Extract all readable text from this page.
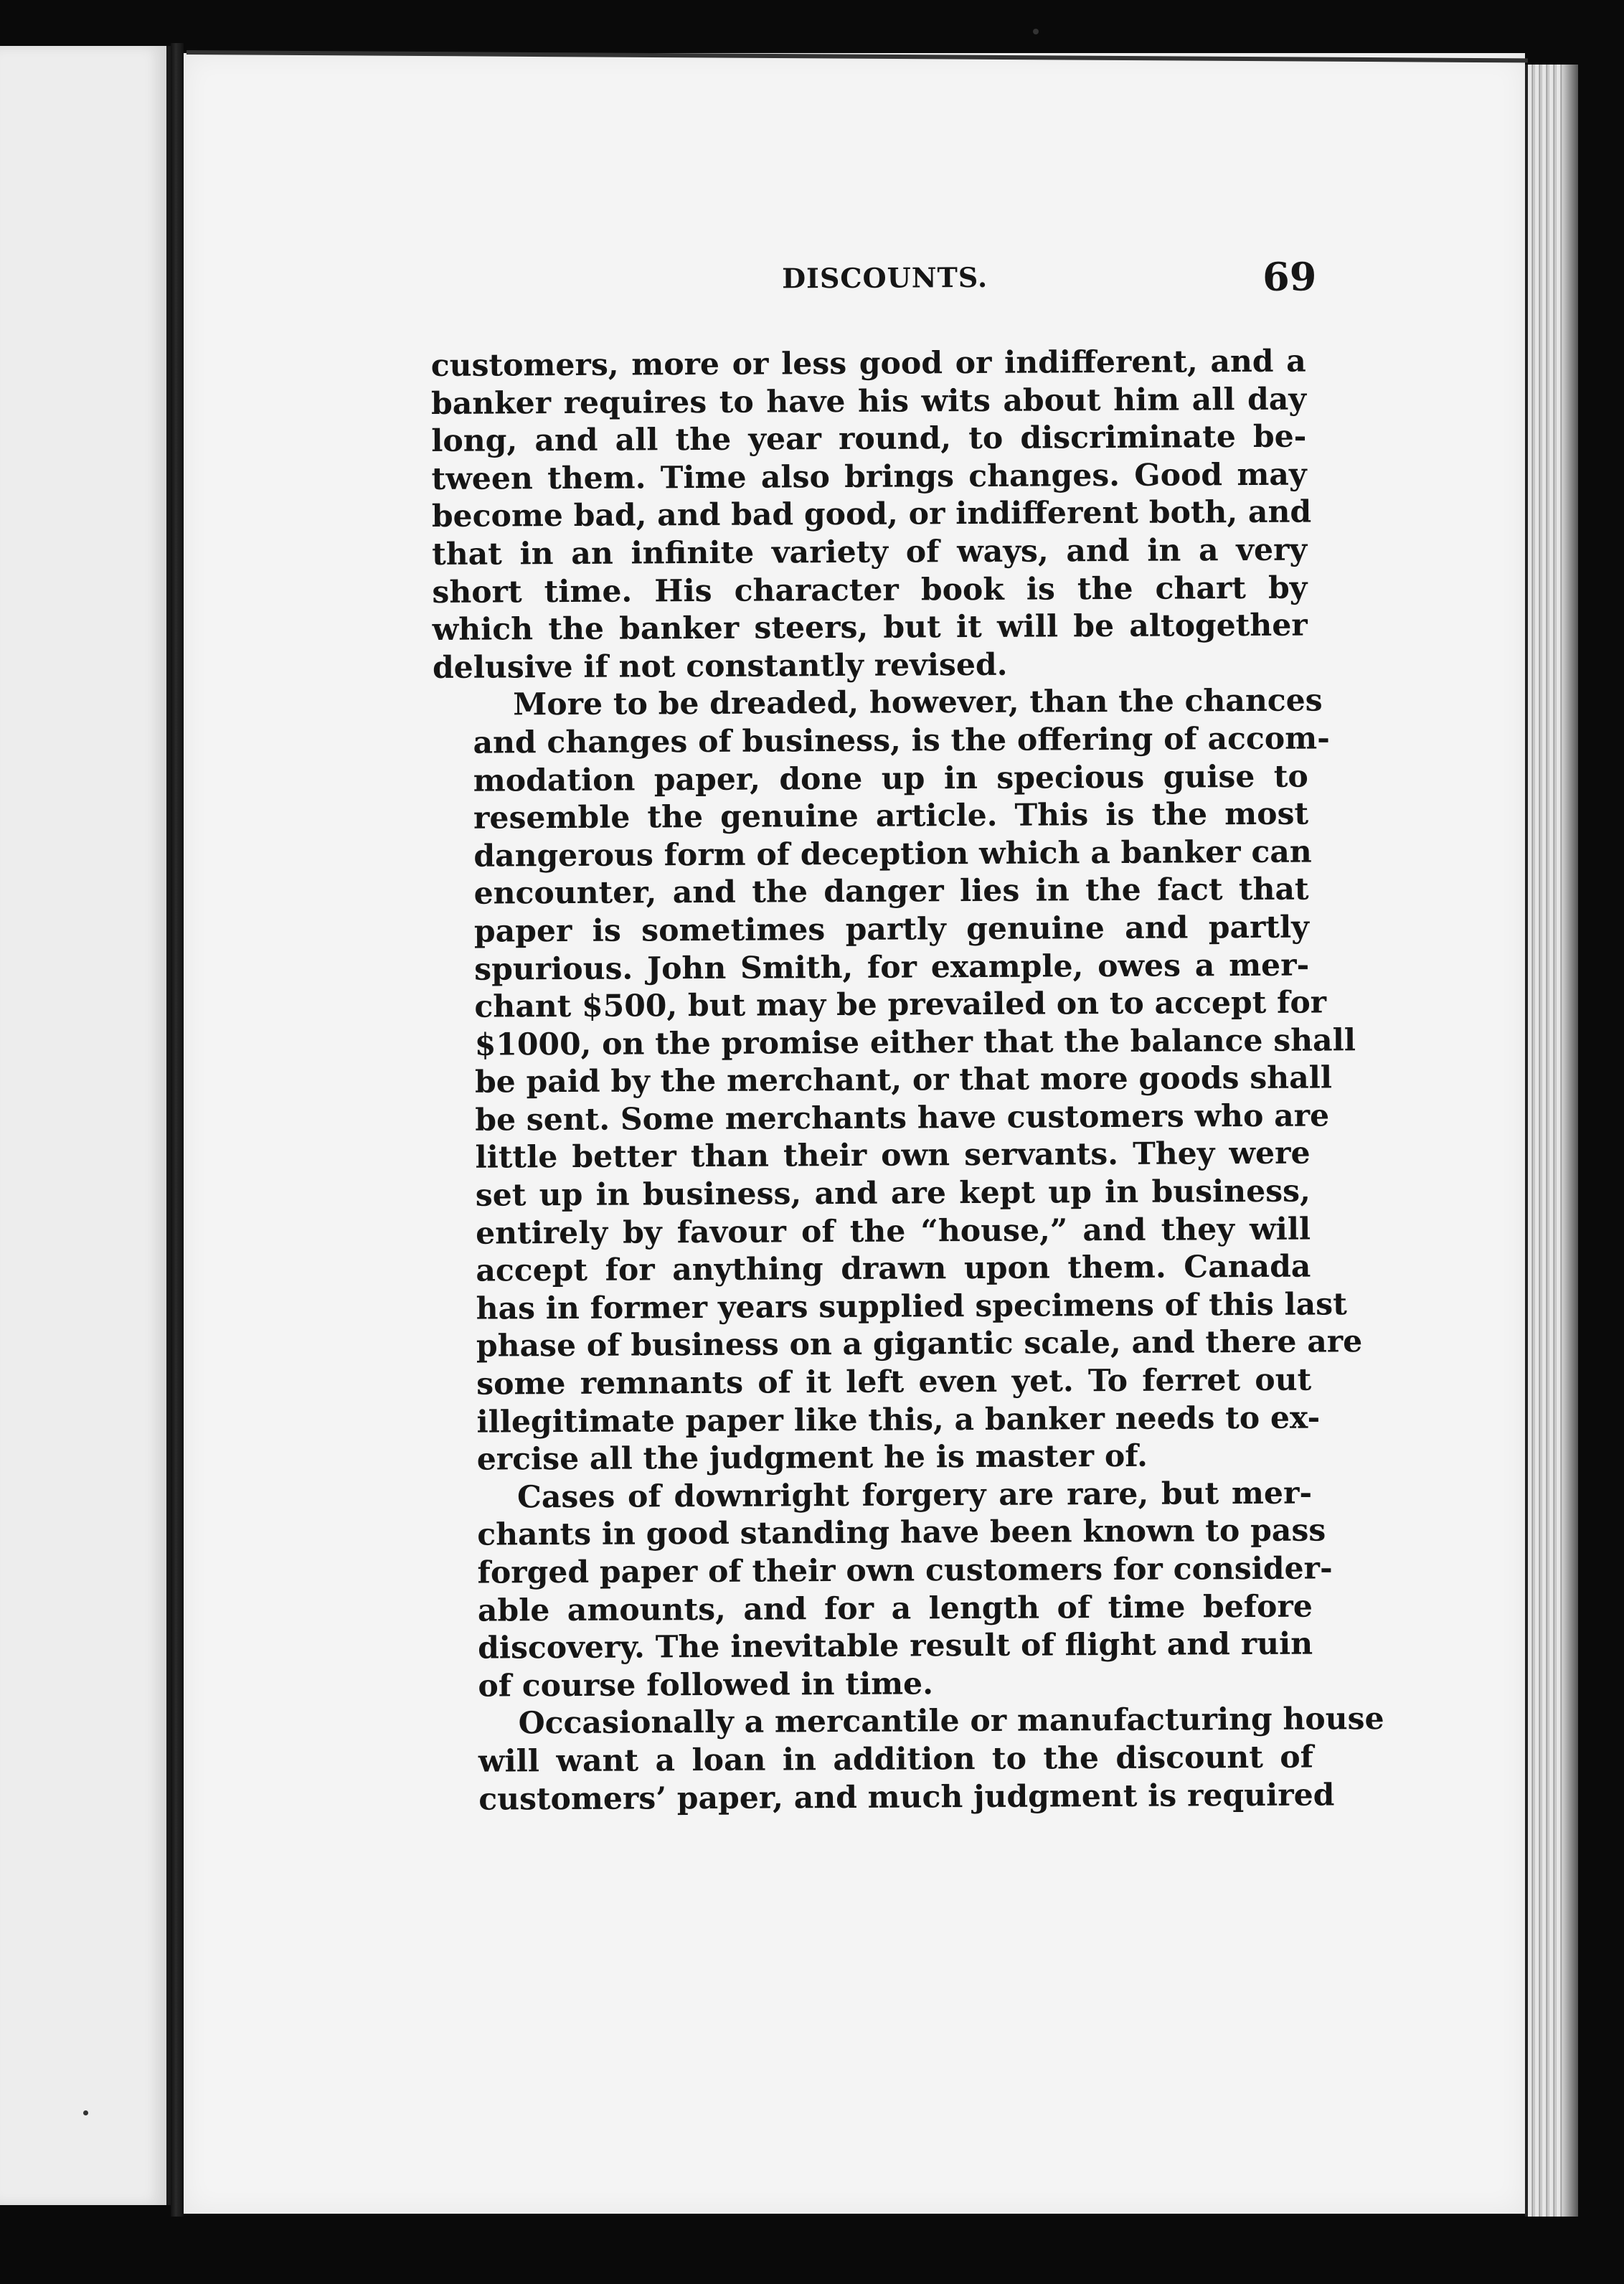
DISCOUNTS.	69

customers, more or less good or indifferent, and a
banker requires to have his wits about him all day
long, and all the year round, to discriminate be-
tween them. Time also brings changes. Good may
become bad, and bad good, or indifferent both, and
that in an infinite variety of ways, and in a very
short time. His character book is the chart by
which the banker steers, but it will be altogether
delusive if not constantly revised.

More to be dreaded, however, than the chances
and changes of business, is the offering of accom-
modation paper, done up in specious guise to
resemble the genuine article. This is the most
dangerous form of deception which a banker can
encounter, and the danger lies in the fact that
paper is sometimes partly genuine and partly
spurious. John Smith, for example, owes a mer-
chant $500, but may be prevailed on to accept for
$1000, on the promise either that the balance shall
be paid by the merchant, or that more goods shall
be sent. Some merchants have customers who are
little better than their own servants. They were
set up in business, and are kept up in business,
entirely by favour of the “house,” and they will
accept for anything drawn upon them. Canada
has in former years supplied specimens of this last
phase of business on a gigantic scale, and there are
some remnants of it left even yet. To ferret out
illegitimate paper like this, a banker needs to ex-
ercise all the judgment he is master of.

Cases of downright forgery are rare, but mer-
chants in good standing have been known to pass
forged paper of their own customers for consider-
able amounts, and for a length of time before
discovery. The inevitable result of flight and ruin
of course followed in time.

Occasionally a mercantile or manufacturing house
will want a loan in addition to the discount of
customers’ paper, and much judgment is required
